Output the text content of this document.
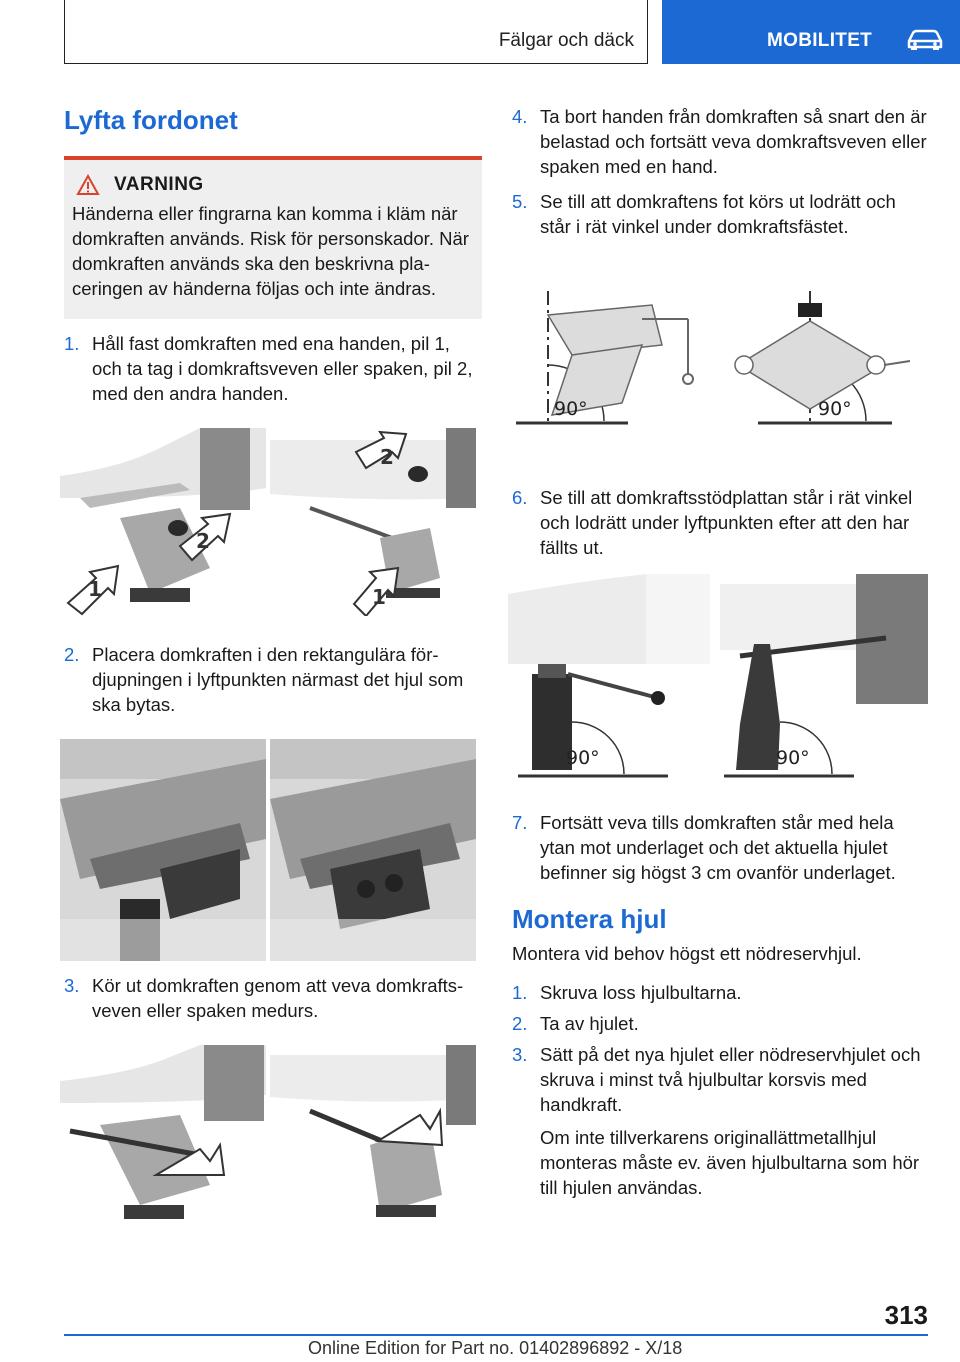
Fälgar och däck	MOBILITET
Lyfta fordonet
VARNING
Händerna eller fingrarna kan komma i kläm när domkraften används. Risk för personskador. När domkraften används ska den beskrivna placeringen av händerna följas och inte ändras.
1. Håll fast domkraften med ena handen, pil 1, och ta tag i domkraftsveven eller spaken, pil 2, med den andra handen.
1
2
2
1
2. Placera domkraften i den rektangulära fördjupningen i lyftpunkten närmast det hjul som ska bytas.
3. Kör ut domkraften genom att veva domkraftsveven eller spaken medurs.
4. Ta bort handen från domkraften så snart den är belastad och fortsätt veva domkraftsveven eller spaken med en hand.
5. Se till att domkraftens fot körs ut lodrätt och står i rät vinkel under domkraftsfästet.
90°	90°
6. Se till att domkraftsstödplattan står i rät vinkel och lodrätt under lyftpunkten efter att den har fällts ut.
90°	90°
7. Fortsätt veva tills domkraften står med hela ytan mot underlaget och det aktuella hjulet befinner sig högst 3 cm ovanför underlaget.
Montera hjul
Montera vid behov högst ett nödreservhjul.
1. Skruva loss hjulbultarna.
2. Ta av hjulet.
3. Sätt på det nya hjulet eller nödreservhjulet och skruva i minst två hjulbultar korsvis med handkraft.

Om inte tillverkarens originallättmetallhjul monteras måste ev. även hjulbultarna som hör till hjulen användas.

313
Online Edition for Part no. 01402896892 - X/18
